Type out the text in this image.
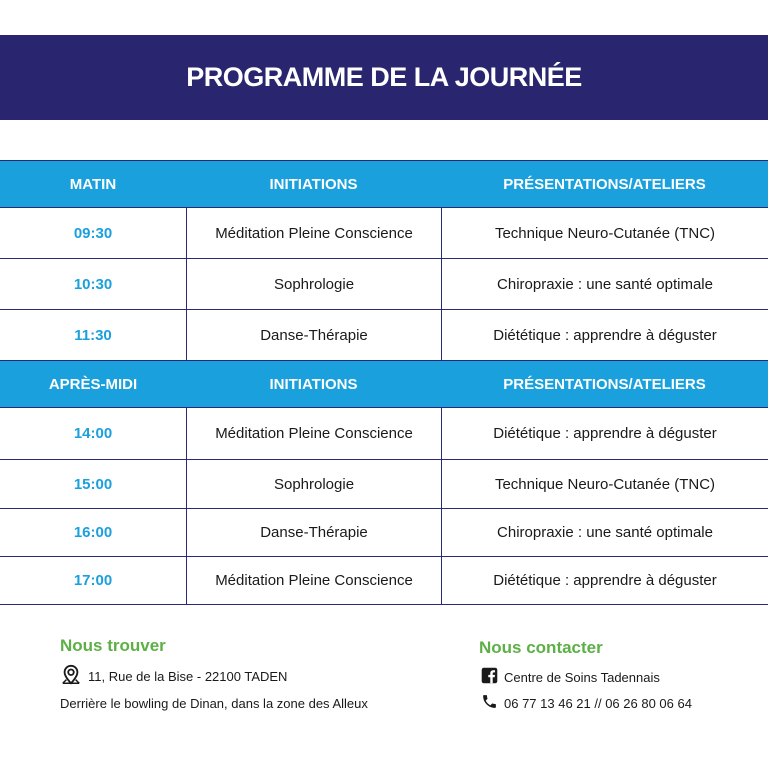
PROGRAMME DE LA JOURNÉE
MATIN	INITIATIONS	PRÉSENTATIONS/ATELIERS
09:30	Méditation Pleine Conscience	Technique Neuro-Cutanée (TNC)
10:30	Sophrologie	Chiropraxie : une santé optimale
11:30	Danse-Thérapie	Diététique : apprendre à déguster
APRÈS-MIDI	INITIATIONS	PRÉSENTATIONS/ATELIERS
14:00	Méditation Pleine Conscience	Diététique : apprendre à déguster
15:00	Sophrologie	Technique Neuro-Cutanée (TNC)
16:00	Danse-Thérapie	Chiropraxie : une santé optimale
17:00	Méditation Pleine Conscience	Diététique : apprendre à déguster
Nous trouver
11, Rue de la Bise - 22100 TADEN
Derrière le bowling de Dinan, dans la zone des Alleux
Nous contacter
Centre de Soins Tadennais
06 77 13 46 21 // 06 26 80 06 64
